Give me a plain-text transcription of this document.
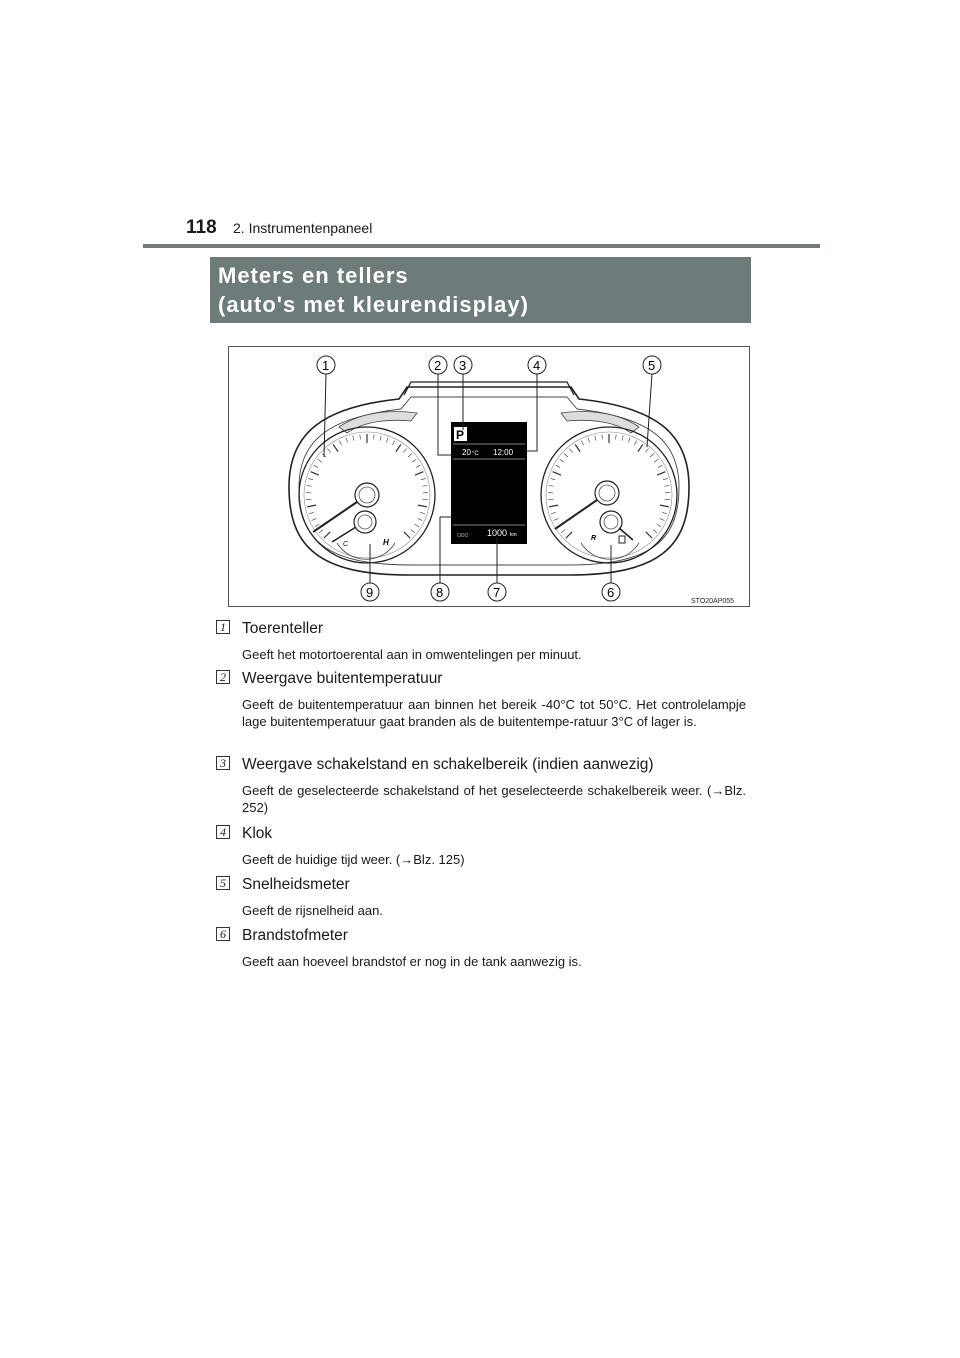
118 2. Instrumentenpaneel
Meters en tellers
(auto's met kleurendisplay)
C	H	R
P
20 °C 12:00
ODO 1000 km
1	2 3	4	5
9	8	7	6
STO20AP055
1 Toerenteller
Geeft het motortoerental aan in omwentelingen per minuut.
2 Weergave buitentemperatuur
Geeft de buitentemperatuur aan binnen het bereik -40°C tot 50°C. Het controlelampje lage buitentemperatuur gaat branden als de buitentempe-ratuur 3°C of lager is.
3 Weergave schakelstand en schakelbereik (indien aanwezig)
Geeft de geselecteerde schakelstand of het geselecteerde schakelbereik weer. (→Blz. 252)
4 Klok
Geeft de huidige tijd weer. (→Blz. 125)
5 Snelheidsmeter
Geeft de rijsnelheid aan.
6 Brandstofmeter
Geeft aan hoeveel brandstof er nog in de tank aanwezig is.
